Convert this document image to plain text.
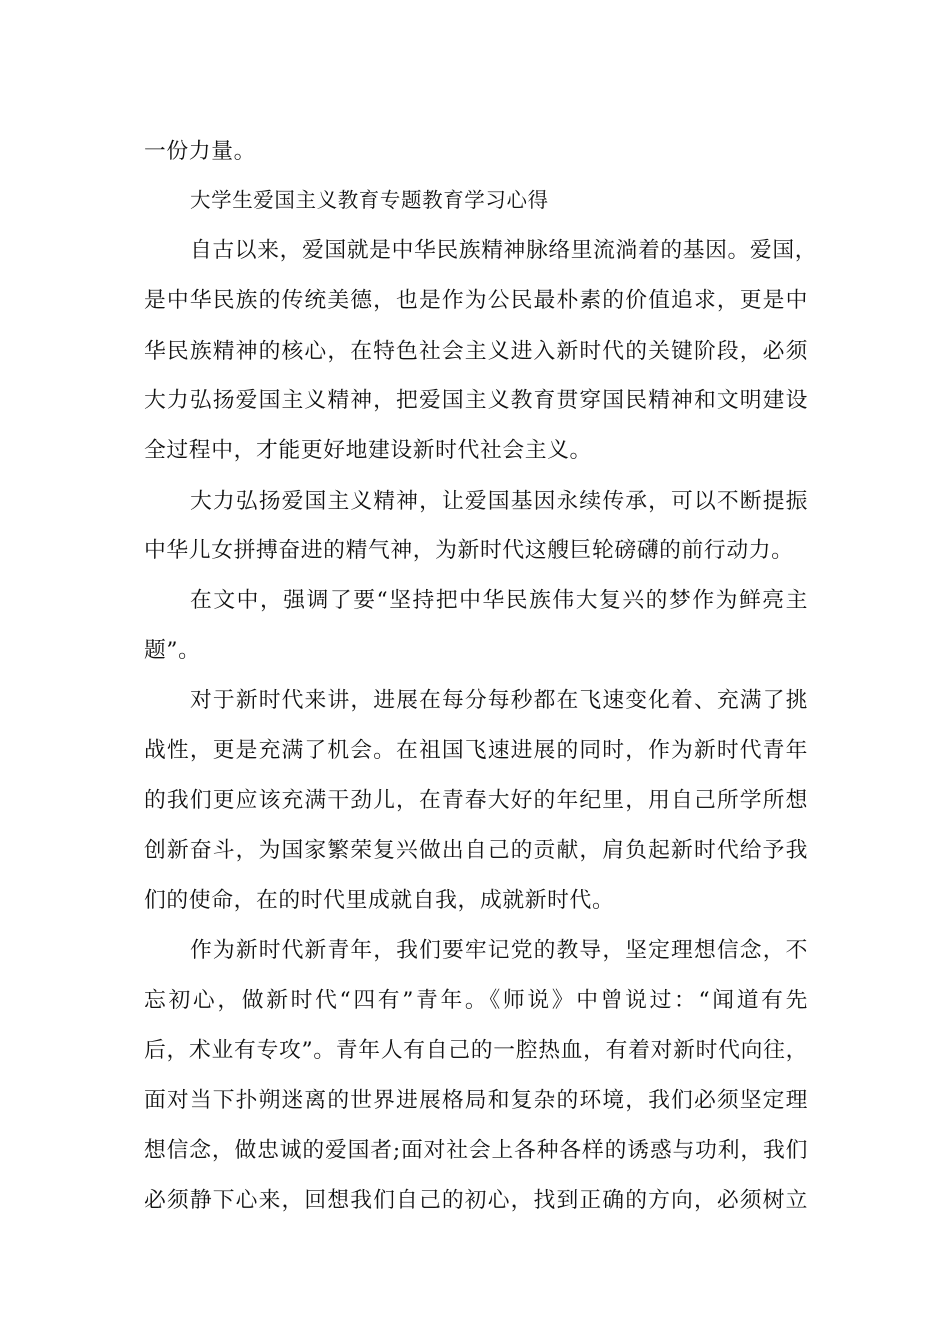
一份力量。
大学生爱国主义教育专题教育学习心得
自古以来，爱国就是中华民族精神脉络里流淌着的基因。爱国，
是中华民族的传统美德，也是作为公民最朴素的价值追求，更是中
华民族精神的核心，在特色社会主义进入新时代的关键阶段，必须
大力弘扬爱国主义精神，把爱国主义教育贯穿国民精神和文明建设
全过程中，才能更好地建设新时代社会主义。
大力弘扬爱国主义精神，让爱国基因永续传承，可以不断提振
中华儿女拼搏奋进的精气神，为新时代这艘巨轮磅礴的前行动力。
在文中，强调了要“坚持把中华民族伟大复兴的梦作为鲜亮主
题”。
对于新时代来讲，进展在每分每秒都在飞速变化着、充满了挑
战性，更是充满了机会。在祖国飞速进展的同时，作为新时代青年
的我们更应该充满干劲儿，在青春大好的年纪里，用自己所学所想
创新奋斗，为国家繁荣复兴做出自己的贡献，肩负起新时代给予我
们的使命，在的时代里成就自我，成就新时代。
作为新时代新青年，我们要牢记党的教导，坚定理想信念，不
忘初心，做新时代“四有”青年。《师说》中曾说过：“闻道有先
后，术业有专攻”。青年人有自己的一腔热血，有着对新时代向往，
面对当下扑朔迷离的世界进展格局和复杂的环境，我们必须坚定理
想信念，做忠诚的爱国者;面对社会上各种各样的诱惑与功利，我们
必须静下心来，回想我们自己的初心，找到正确的方向，必须树立
